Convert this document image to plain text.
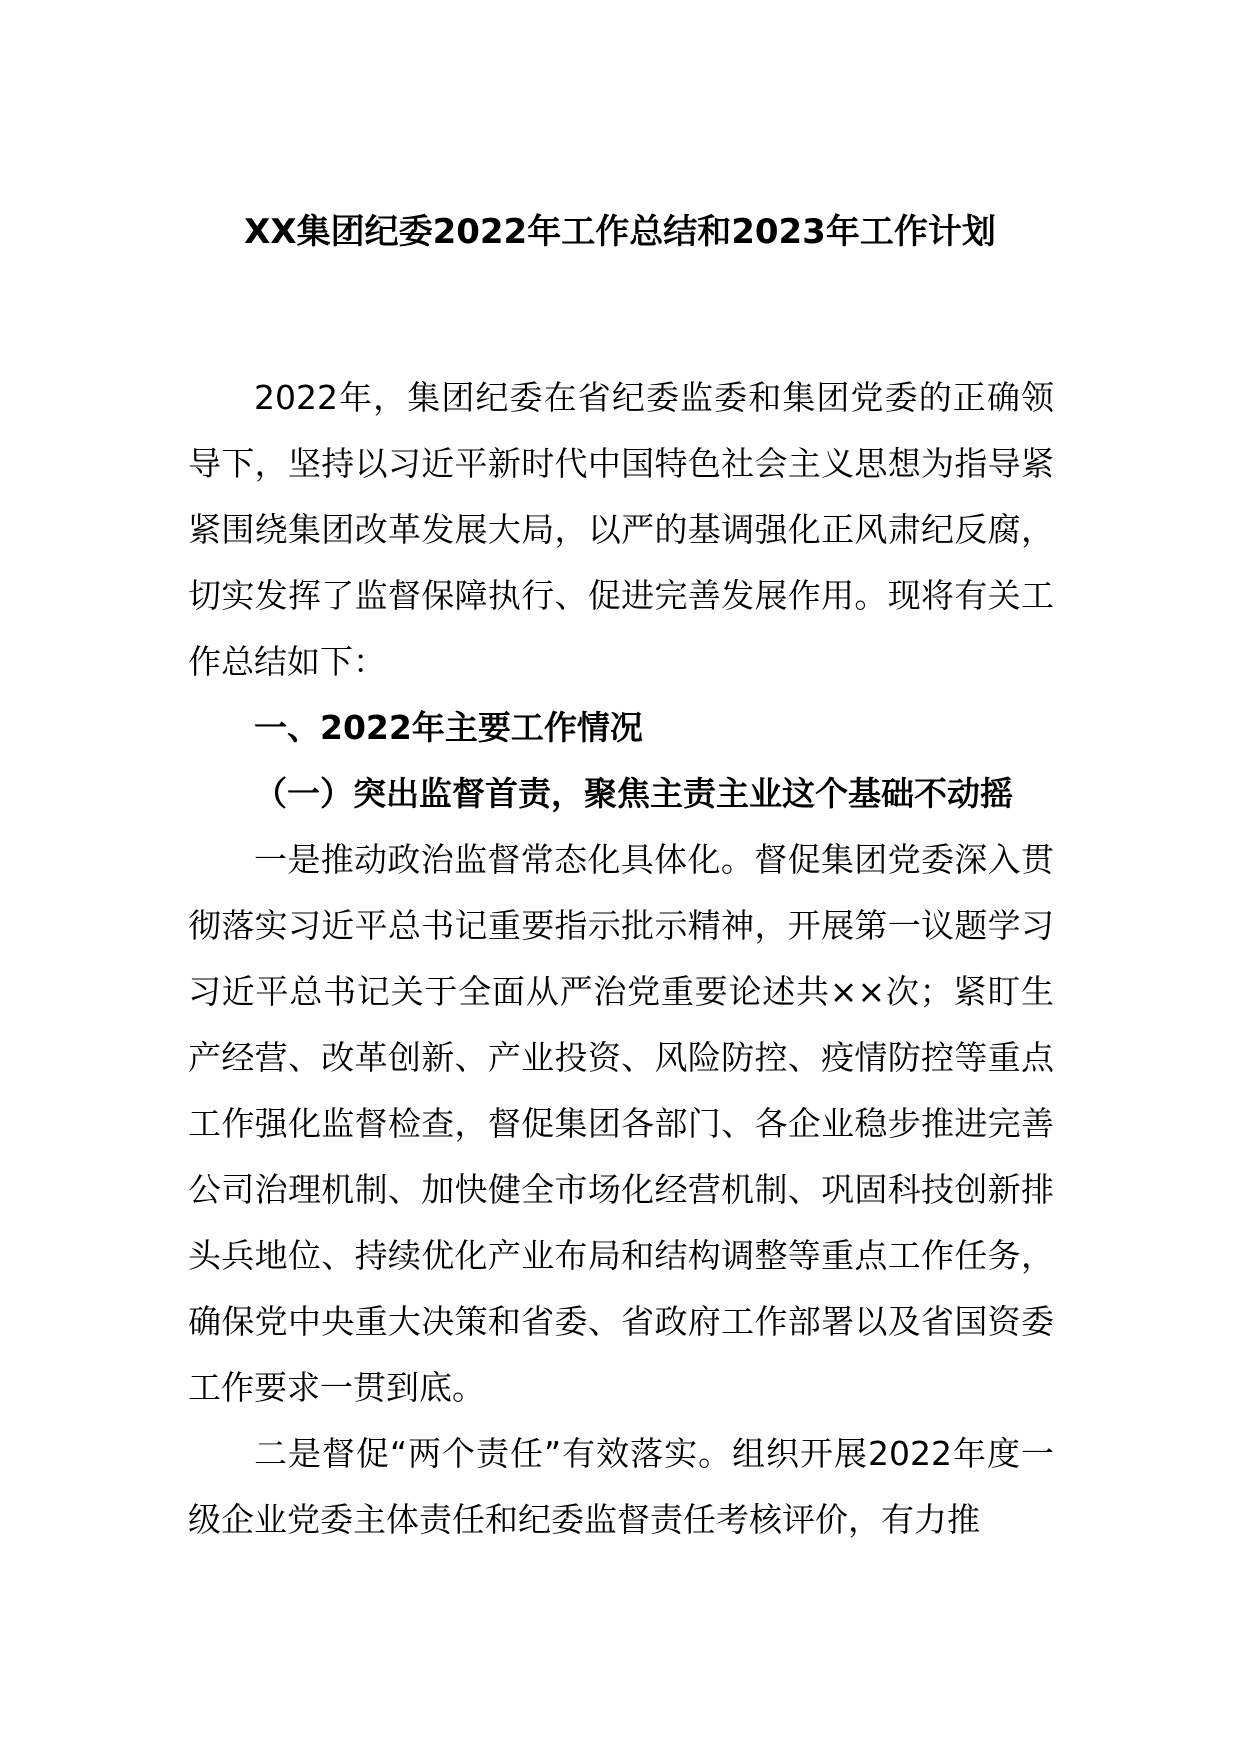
XX集团纪委2022年工作总结和2023年工作计划

2022年，集团纪委在省纪委监委和集团党委的正确领导下，坚持以习近平新时代中国特色社会主义思想为指导紧紧围绕集团改革发展大局，以严的基调强化正风肃纪反腐，切实发挥了监督保障执行、促进完善发展作用。现将有关工作总结如下：

一、2022年主要工作情况

（一）突出监督首责，聚焦主责主业这个基础不动摇

一是推动政治监督常态化具体化。督促集团党委深入贯彻落实习近平总书记重要指示批示精神，开展第一议题学习习近平总书记关于全面从严治党重要论述共××次；紧盯生产经营、改革创新、产业投资、风险防控、疫情防控等重点工作强化监督检查，督促集团各部门、各企业稳步推进完善公司治理机制、加快健全市场化经营机制、巩固科技创新排头兵地位、持续优化产业布局和结构调整等重点工作任务，确保党中央重大决策和省委、省政府工作部署以及省国资委工作要求一贯到底。

二是督促“两个责任”有效落实。组织开展2022年度一级企业党委主体责任和纪委监督责任考核评价，有力推
